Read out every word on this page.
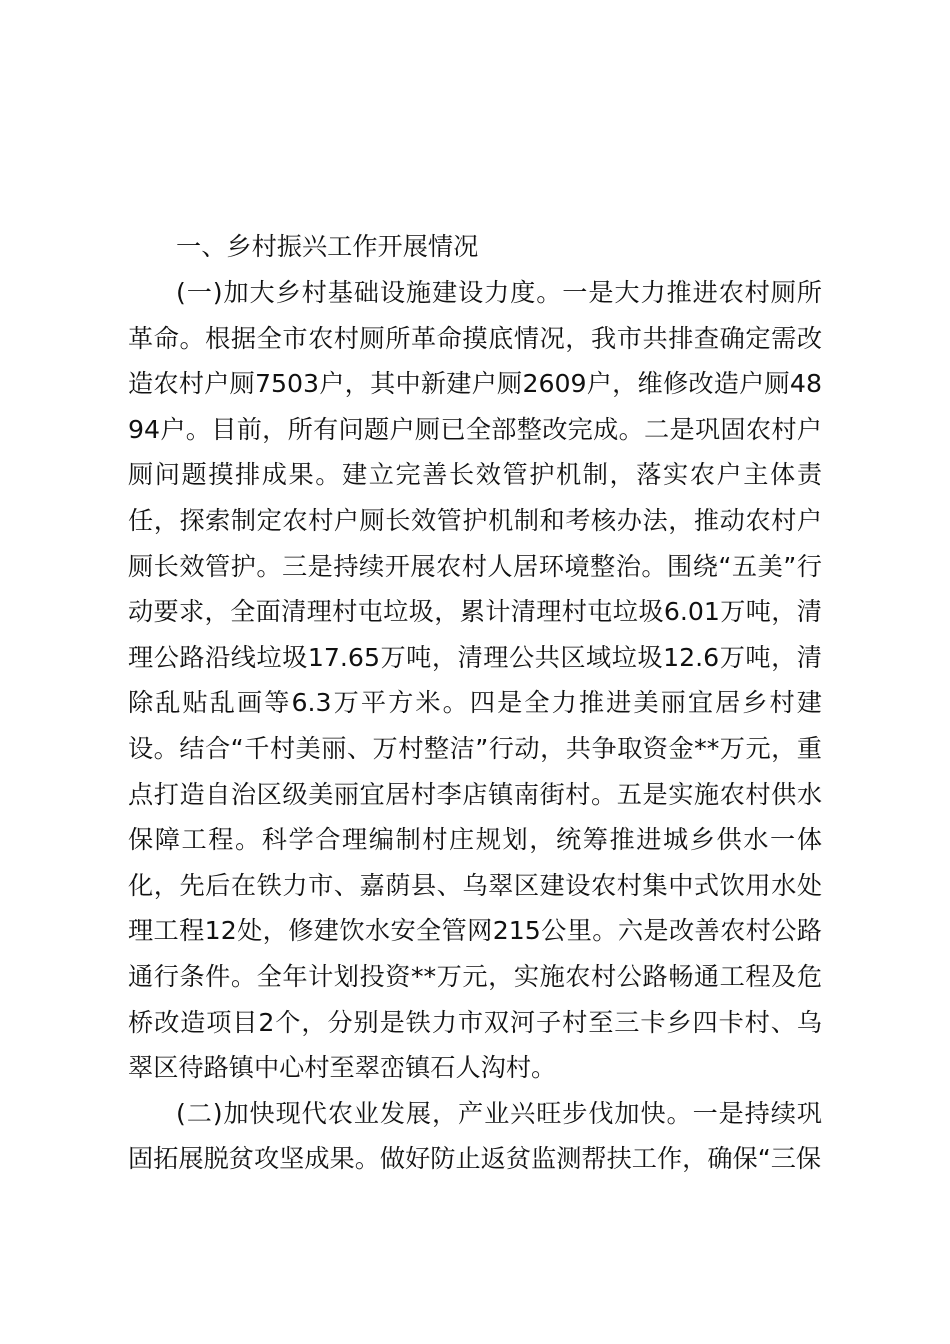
一、乡村振兴工作开展情况

(一)加大乡村基础设施建设力度。一是大力推进农村厕所革命。根据全市农村厕所革命摸底情况，我市共排查确定需改造农村户厕7503户，其中新建户厕2609户，维修改造户厕4894户。目前，所有问题户厕已全部整改完成。二是巩固农村户厕问题摸排成果。建立完善长效管护机制，落实农户主体责任，探索制定农村户厕长效管护机制和考核办法，推动农村户厕长效管护。三是持续开展农村人居环境整治。围绕“五美”行动要求，全面清理村屯垃圾，累计清理村屯垃圾6.01万吨，清理公路沿线垃圾17.65万吨，清理公共区域垃圾12.6万吨，清除乱贴乱画等6.3万平方米。四是全力推进美丽宜居乡村建设。结合“千村美丽、万村整洁”行动，共争取资金**万元，重点打造自治区级美丽宜居村李店镇南街村。五是实施农村供水保障工程。科学合理编制村庄规划，统筹推进城乡供水一体化，先后在铁力市、嘉荫县、乌翠区建设农村集中式饮用水处理工程12处，修建饮水安全管网215公里。六是改善农村公路通行条件。全年计划投资**万元，实施农村公路畅通工程及危桥改造项目2个，分别是铁力市双河子村至三卡乡四卡村、乌翠区待路镇中心村至翠峦镇石人沟村。

(二)加快现代农业发展，产业兴旺步伐加快。一是持续巩固拓展脱贫攻坚成果。做好防止返贫监测帮扶工作，确保“三保
